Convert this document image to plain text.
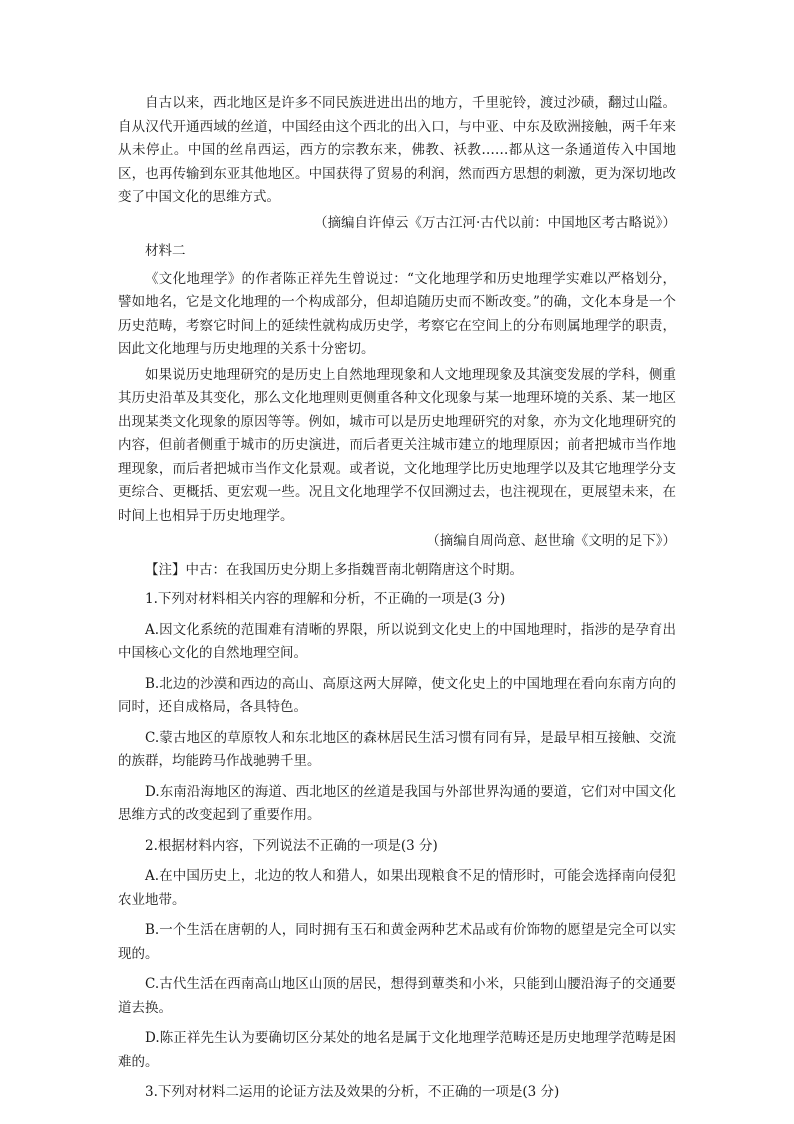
自古以来，西北地区是许多不同民族进进出出的地方，千里驼铃，渡过沙碛，翻过山隘。自从汉代开通西域的丝道，中国经由这个西北的出入口，与中亚、中东及欧洲接触，两千年来从未停止。中国的丝帛西运，西方的宗教东来，佛教、袄教……都从这一条通道传入中国地区，也再传输到东亚其他地区。中国获得了贸易的利润，然而西方思想的刺激，更为深切地改变了中国文化的思维方式。

（摘编自许倬云《万古江河·古代以前：中国地区考古略说》）

材料二

《文化地理学》的作者陈正祥先生曾说过：“文化地理学和历史地理学实难以严格划分，譬如地名，它是文化地理的一个构成部分，但却追随历史而不断改变。”的确，文化本身是一个历史范畴，考察它时间上的延续性就构成历史学，考察它在空间上的分布则属地理学的职责，因此文化地理与历史地理的关系十分密切。

如果说历史地理研究的是历史上自然地理现象和人文地理现象及其演变发展的学科，侧重其历史沿革及其变化，那么文化地理则更侧重各种文化现象与某一地理环境的关系、某一地区出现某类文化现象的原因等等。例如，城市可以是历史地理研究的对象，亦为文化地理研究的内容，但前者侧重于城市的历史演进，而后者更关注城市建立的地理原因；前者把城市当作地理现象，而后者把城市当作文化景观。或者说，文化地理学比历史地理学以及其它地理学分支更综合、更概括、更宏观一些。况且文化地理学不仅回溯过去，也注视现在，更展望未来，在时间上也相异于历史地理学。

（摘编自周尚意、赵世瑜《文明的足下》）

【注】中古：在我国历史分期上多指魏晋南北朝隋唐这个时期。

1.下列对材料相关内容的理解和分析，不正确的一项是(3 分)

A.因文化系统的范围难有清晰的界限，所以说到文化史上的中国地理时，指涉的是孕育出中国核心文化的自然地理空间。

B.北边的沙漠和西边的高山、高原这两大屏障，使文化史上的中国地理在看向东南方向的同时，还自成格局，各具特色。

C.蒙古地区的草原牧人和东北地区的森林居民生活习惯有同有异，是最早相互接触、交流的族群，均能跨马作战驰骋千里。

D.东南沿海地区的海道、西北地区的丝道是我国与外部世界沟通的要道，它们对中国文化思维方式的改变起到了重要作用。

2.根据材料内容，下列说法不正确的一项是(3 分)

A.在中国历史上，北边的牧人和猎人，如果出现粮食不足的情形时，可能会选择南向侵犯农业地带。

B.一个生活在唐朝的人，同时拥有玉石和黄金两种艺术品或有价饰物的愿望是完全可以实现的。

C.古代生活在西南高山地区山顶的居民，想得到蕈类和小米，只能到山腰沿海子的交通要道去换。

D.陈正祥先生认为要确切区分某处的地名是属于文化地理学范畴还是历史地理学范畴是困难的。

3.下列对材料二运用的论证方法及效果的分析，不正确的一项是(3 分)
